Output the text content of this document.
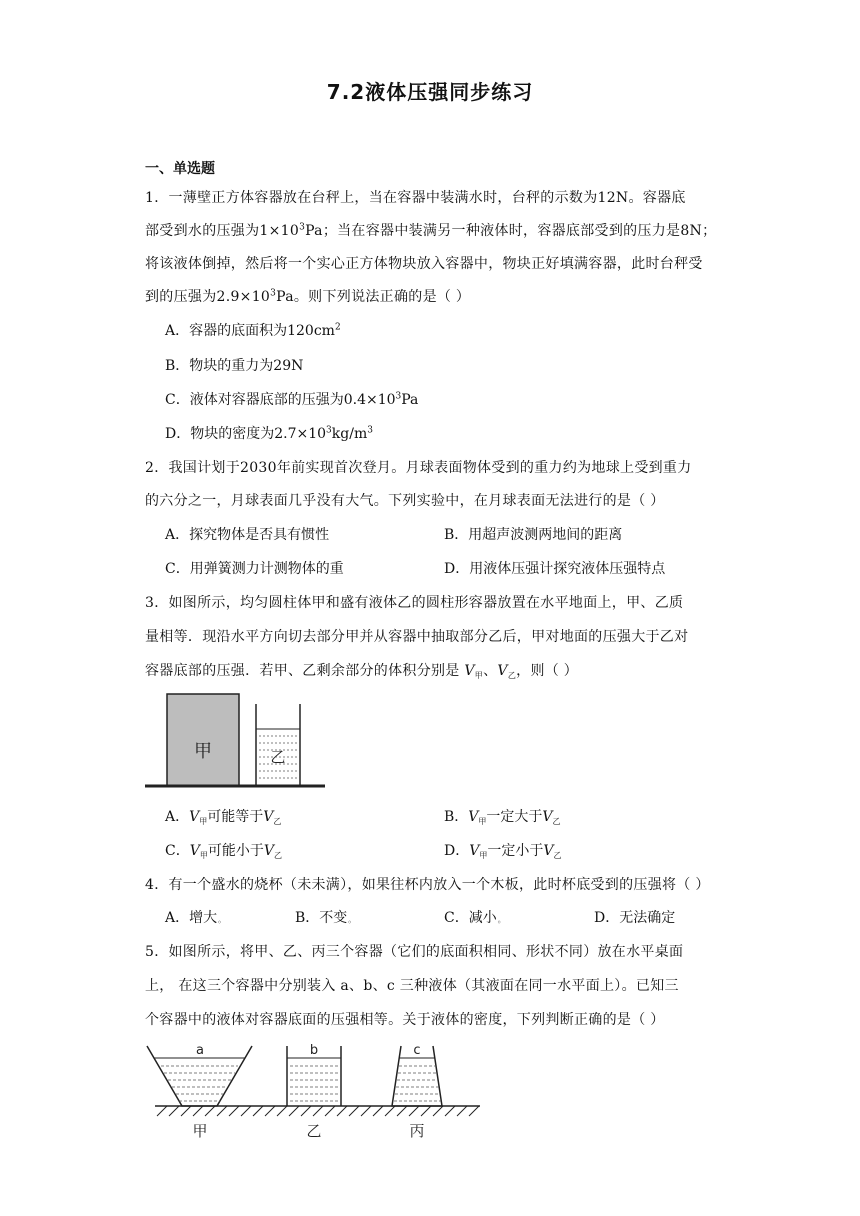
7.2液体压强同步练习
一、单选题
1．一薄壁正方体容器放在台秤上，当在容器中装满水时，台秤的示数为12N。容器底
部受到水的压强为$1\times 10^3Pa$；当在容器中装满另一种液体时，容器底部受到的压力是8N；
将该液体倒掉，然后将一个实心正方体物块放入容器中，物块正好填满容器，此时台秤受
到的压强为$2.9\times 10^3Pa$。则下列说法正确的是（ ）
A．容器的底面积为$120cm^2$
B．物块的重力为29N
C．液体对容器底部的压强为$0.4\times 10^3Pa$
D．物块的密度为$2.7\times 10^3kg/m^3$
2．我国计划于2030年前实现首次登月。月球表面物体受到的重力约为地球上受到重力
的六分之一，月球表面几乎没有大气。下列实验中，在月球表面无法进行的是（ ）
A．探究物体是否具有惯性	B．用超声波测两地间的距离
C．用弹簧测力计测物体的重	D．用液体压强计探究液体压强特点
3．如图所示，均匀圆柱体甲和盛有液体乙的圆柱形容器放置在水平地面上，甲、乙质
量相等．现沿水平方向切去部分甲并从容器中抽取部分乙后，甲对地面的压强大于乙对
容器底部的压强．若甲、乙剩余部分的体积分别是 $V_甲$、$V_乙$，则（ ）
甲	乙
A．$V_甲$可能等于$V_乙$	B．$V_甲$一定大于$V_乙$
C．$V_甲$可能小于$V_乙$	D．$V_甲$一定小于$V_乙$
4．有一个盛水的烧杯（未未满），如果往杯内放入一个木板，此时杯底受到的压强将（ ）
A．增大$_◦$	B．不变$_◦$	C．减小$_◦$	D．无法确定
5．如图所示，将甲、乙、丙三个容器（它们的底面积相同、形状不同）放在水平桌面
上， 在这三个容器中分别装入 a、b、c 三种液体（其液面在同一水平面上）。已知三
个容器中的液体对容器底面的压强相等。关于液体的密度，下列判断正确的是（ ）
a	b	c
甲	乙	丙
